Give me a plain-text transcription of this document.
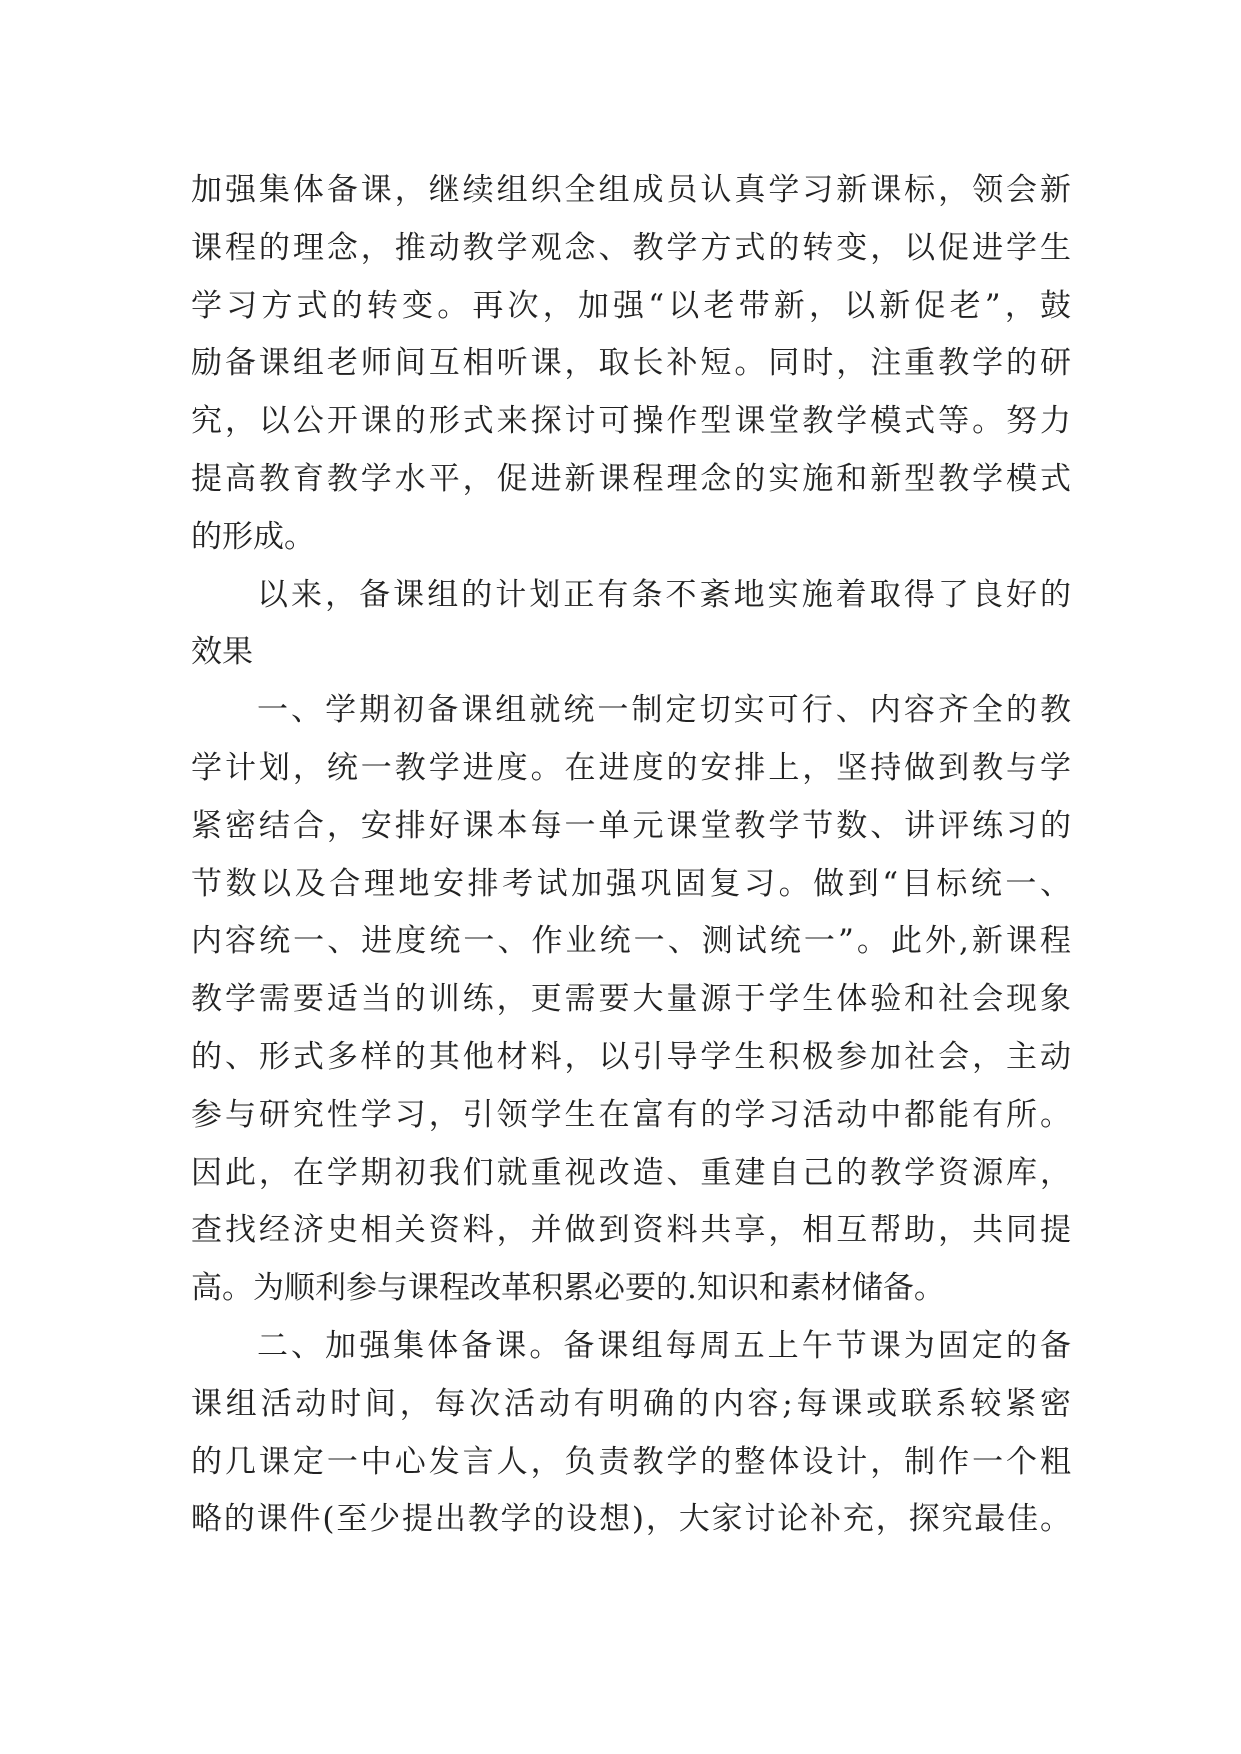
加强集体备课，继续组织全组成员认真学习新课标，领会新
课程的理念，推动教学观念、教学方式的转变，以促进学生
学习方式的转变。再次，加强“以老带新，以新促老”，鼓
励备课组老师间互相听课，取长补短。同时，注重教学的研
究，以公开课的形式来探讨可操作型课堂教学模式等。努力
提高教育教学水平，促进新课程理念的实施和新型教学模式
的形成。
以来，备课组的计划正有条不紊地实施着取得了良好的
效果
一、学期初备课组就统一制定切实可行、内容齐全的教
学计划，统一教学进度。在进度的安排上，坚持做到教与学
紧密结合，安排好课本每一单元课堂教学节数、讲评练习的
节数以及合理地安排考试加强巩固复习。做到“目标统一、
内容统一、进度统一、作业统一、测试统一”。此外,新课程
教学需要适当的训练，更需要大量源于学生体验和社会现象
的、形式多样的其他材料，以引导学生积极参加社会，主动
参与研究性学习，引领学生在富有的学习活动中都能有所。
因此，在学期初我们就重视改造、重建自己的教学资源库，
查找经济史相关资料，并做到资料共享，相互帮助，共同提
高。为顺利参与课程改革积累必要的.知识和素材储备。
二、加强集体备课。备课组每周五上午节课为固定的备
课组活动时间，每次活动有明确的内容;每课或联系较紧密
的几课定一中心发言人，负责教学的整体设计，制作一个粗
略的课件(至少提出教学的设想)，大家讨论补充，探究最佳。
